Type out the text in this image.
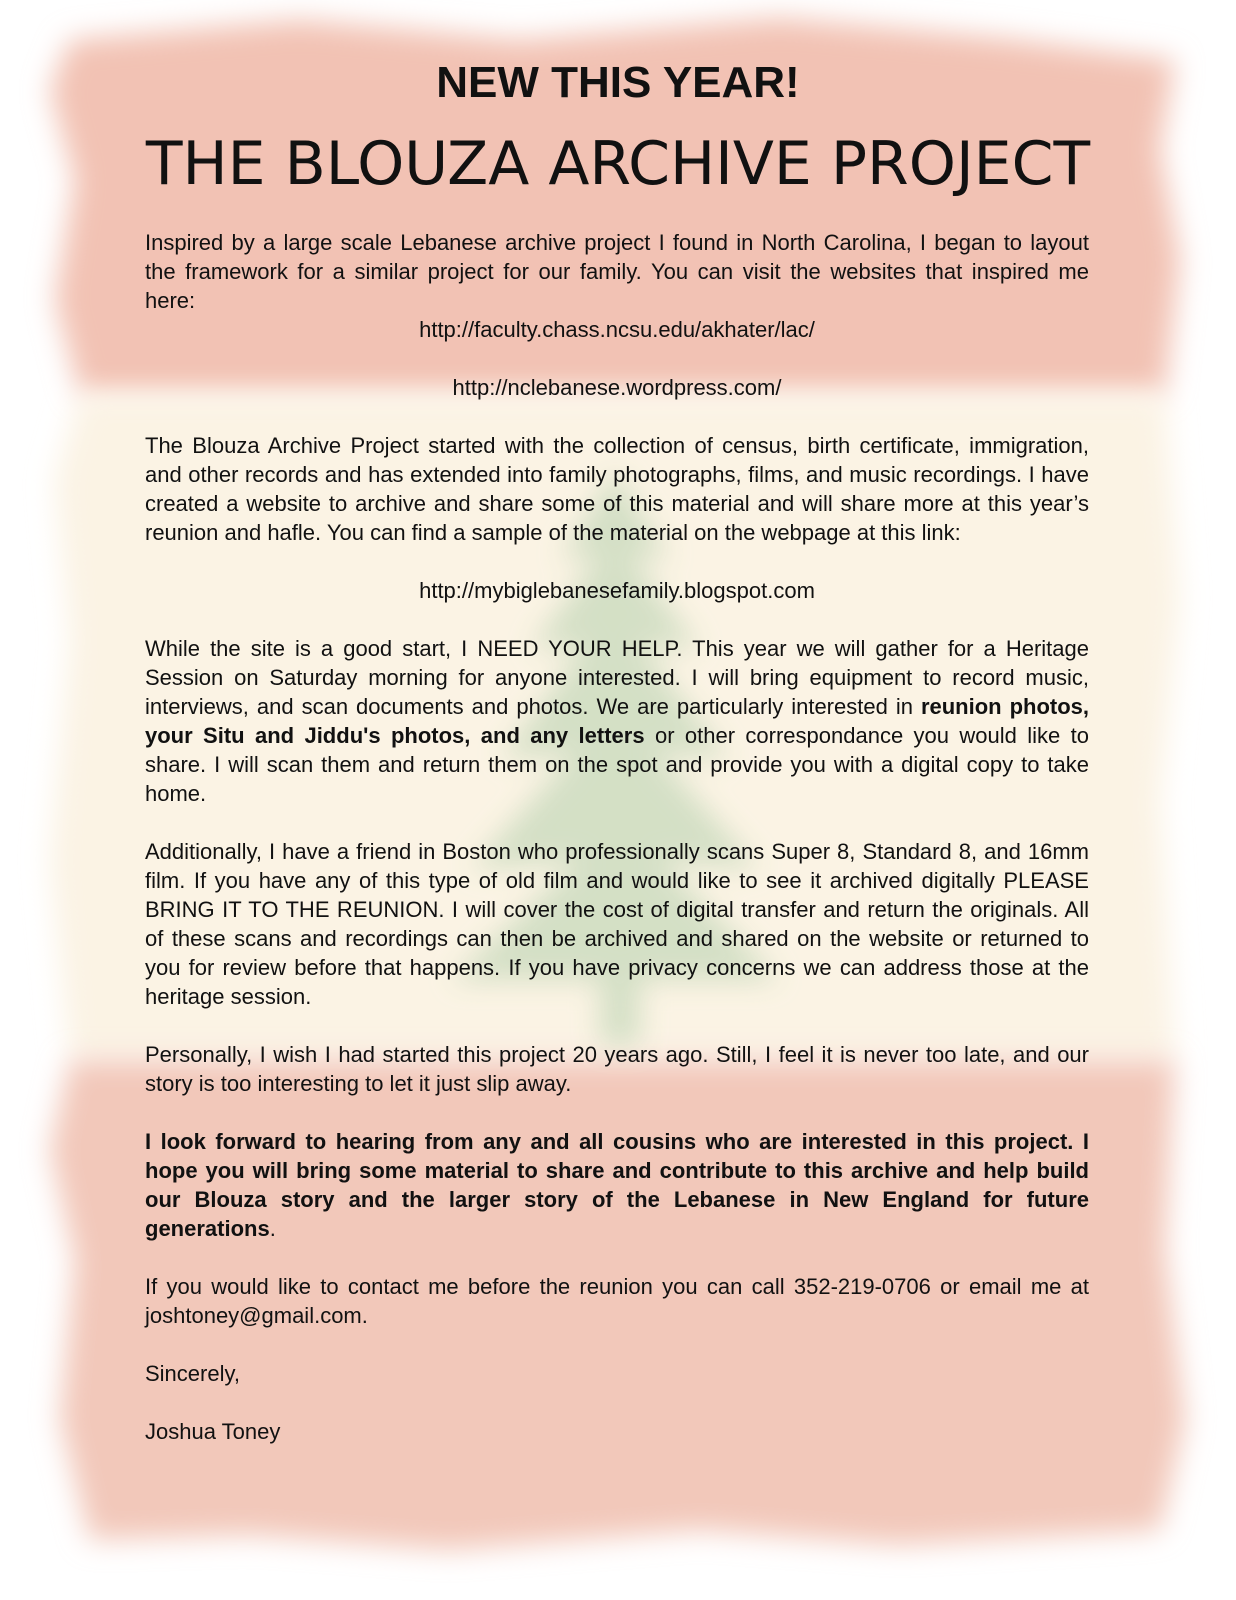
NEW THIS YEAR!
THE BLOUZA ARCHIVE PROJECT

Inspired by a large scale Lebanese archive project I found in North Carolina, I began to layout the framework for a similar project for our family. You can visit the websites that inspired me here:

http://faculty.chass.ncsu.edu/akhater/lac/

http://nclebanese.wordpress.com/

The Blouza Archive Project started with the collection of census, birth certificate, immigration, and other records and has extended into family photographs, films, and music recordings. I have created a website to archive and share some of this material and will share more at this year’s reunion and hafle. You can find a sample of the material on the webpage at this link:

http://mybiglebanesefamily.blogspot.com

While the site is a good start, I NEED YOUR HELP. This year we will gather for a Heritage Session on Saturday morning for anyone interested. I will bring equipment to record music, interviews, and scan documents and photos. We are particularly interested in reunion photos, your Situ and Jiddu's photos, and any letters or other correspondance you would like to share. I will scan them and return them on the spot and provide you with a digital copy to take home.

Additionally, I have a friend in Boston who professionally scans Super 8, Standard 8, and 16mm film. If you have any of this type of old film and would like to see it archived digitally PLEASE BRING IT TO THE REUNION. I will cover the cost of digital transfer and return the originals. All of these scans and recordings can then be archived and shared on the website or returned to you for review before that happens. If you have privacy concerns we can address those at the heritage session.

Personally, I wish I had started this project 20 years ago. Still, I feel it is never too late, and our story is too interesting to let it just slip away.

I look forward to hearing from any and all cousins who are interested in this project. I hope you will bring some material to share and contribute to this archive and help build our Blouza story and the larger story of the Lebanese in New England for future generations.

If you would like to contact me before the reunion you can call 352-219-0706 or email me at joshtoney@gmail.com.

Sincerely,

Joshua Toney
